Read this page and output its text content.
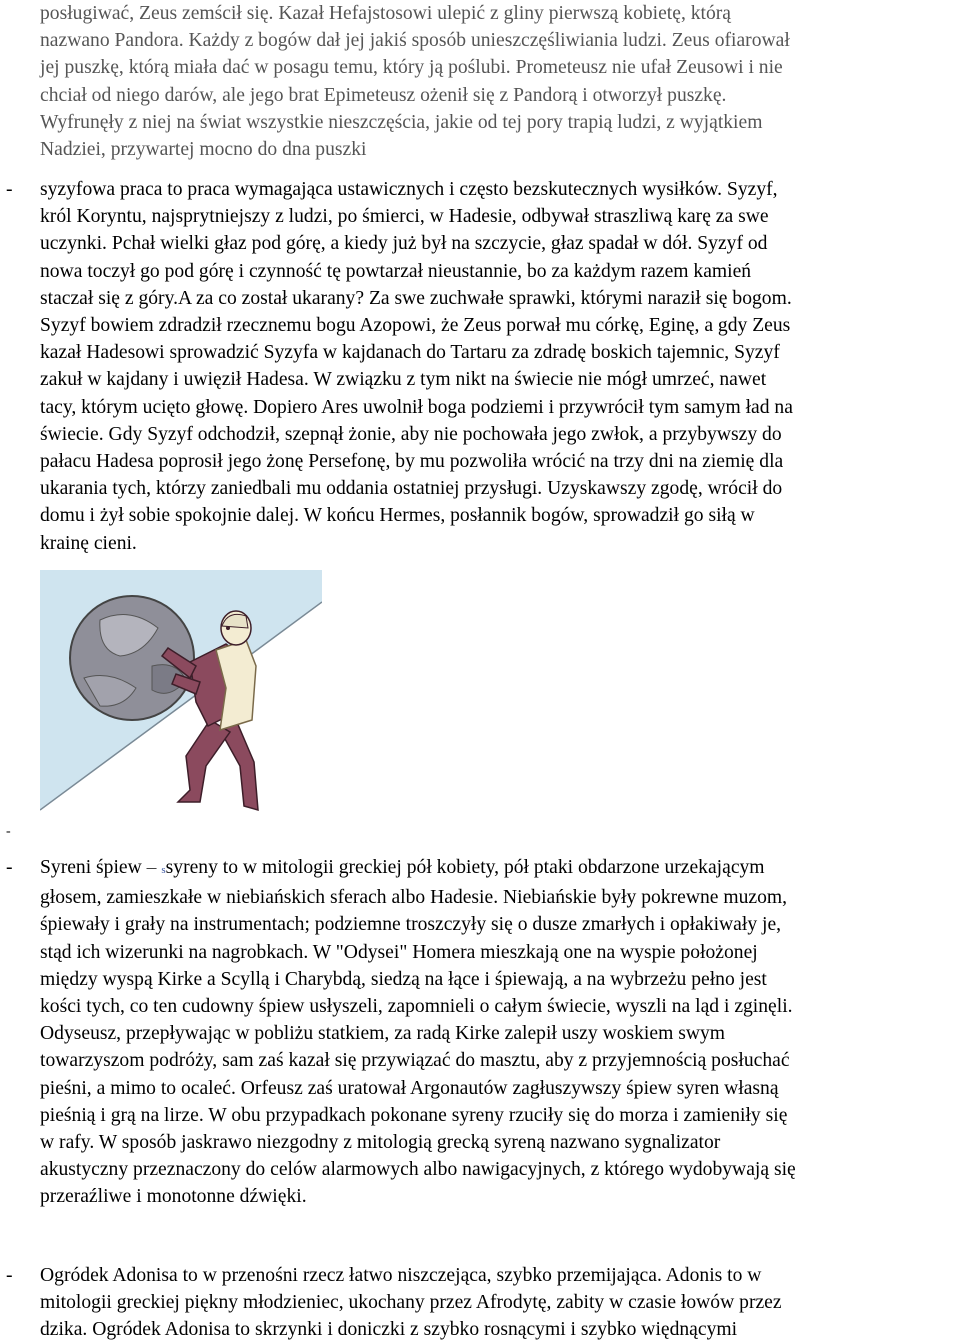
posługiwać, Zeus zemścił się. Kazał Hefajstosowi ulepić z gliny pierwszą kobietę, którą
nazwano Pandora. Każdy z bogów dał jej jakiś sposób unieszczęśliwiania ludzi. Zeus ofiarował
jej puszkę, którą miała dać w posagu temu, który ją poślubi. Prometeusz nie ufał Zeusowi i nie
chciał od niego darów, ale jego brat Epimeteusz ożenił się z Pandorą i otworzył puszkę.
Wyfrunęły z niej na świat wszystkie nieszczęścia, jakie od tej pory trapią ludzi, z wyjątkiem
Nadziei, przywartej mocno do dna puszki
- syzyfowa praca to praca wymagająca ustawicznych i często bezskutecznych wysiłków. Syzyf,
król Koryntu, najsprytniejszy z ludzi, po śmierci, w Hadesie, odbywał straszliwą karę za swe
uczynki. Pchał wielki głaz pod górę, a kiedy już był na szczycie, głaz spadał w dół. Syzyf od
nowa toczył go pod górę i czynność tę powtarzał nieustannie, bo za każdym razem kamień
staczał się z góry.A za co został ukarany? Za swe zuchwałe sprawki, którymi naraził się bogom.
Syzyf bowiem zdradził rzecznemu bogu Azopowi, że Zeus porwał mu córkę, Eginę, a gdy Zeus
kazał Hadesowi sprowadzić Syzyfa w kajdanach do Tartaru za zdradę boskich tajemnic, Syzyf
zakuł w kajdany i uwięził Hadesa. W związku z tym nikt na świecie nie mógł umrzeć, nawet
tacy, którym ucięto głowę. Dopiero Ares uwolnił boga podziemi i przywrócił tym samym ład na
świecie. Gdy Syzyf odchodził, szepnął żonie, aby nie pochowała jego zwłok, a przybywszy do
pałacu Hadesa poprosił jego żonę Persefonę, by mu pozwoliła wrócić na trzy dni na ziemię dla
ukarania tych, którzy zaniedbali mu oddania ostatniej przysługi. Uzyskawszy zgodę, wrócił do
domu i żył sobie spokojnie dalej. W końcu Hermes, posłannik bogów, sprowadził go siłą w
krainę cieni.
-
- Syreni śpiew – ssyreny to w mitologii greckiej pół kobiety, pół ptaki obdarzone urzekającym
głosem, zamieszkałe w niebiańskich sferach albo Hadesie. Niebiańskie były pokrewne muzom,
śpiewały i grały na instrumentach; podziemne troszczyły się o dusze zmarłych i opłakiwały je,
stąd ich wizerunki na nagrobkach. W "Odysei" Homera mieszkają one na wyspie położonej
między wyspą Kirke a Scyllą i Charybdą, siedzą na łące i śpiewają, a na wybrzeżu pełno jest
kości tych, co ten cudowny śpiew usłyszeli, zapomnieli o całym świecie, wyszli na ląd i zginęli.
Odyseusz, przepływając w pobliżu statkiem, za radą Kirke zalepił uszy woskiem swym
towarzyszom podróży, sam zaś kazał się przywiązać do masztu, aby z przyjemnością posłuchać
pieśni, a mimo to ocaleć. Orfeusz zaś uratował Argonautów zagłuszywszy śpiew syren własną
pieśnią i grą na lirze. W obu przypadkach pokonane syreny rzuciły się do morza i zamieniły się
w rafy. W sposób jaskrawo niezgodny z mitologią grecką syreną nazwano sygnalizator
akustyczny przeznaczony do celów alarmowych albo nawigacyjnych, z którego wydobywają się
przeraźliwe i monotonne dźwięki.
- Ogródek Adonisa to w przenośni rzecz łatwo niszczejąca, szybko przemijająca. Adonis to w
mitologii greckiej piękny młodzieniec, ukochany przez Afrodytę, zabity w czasie łowów przez
dzika. Ogródek Adonisa to skrzynki i doniczki z szybko rosnącymi i szybko więdnącymi
